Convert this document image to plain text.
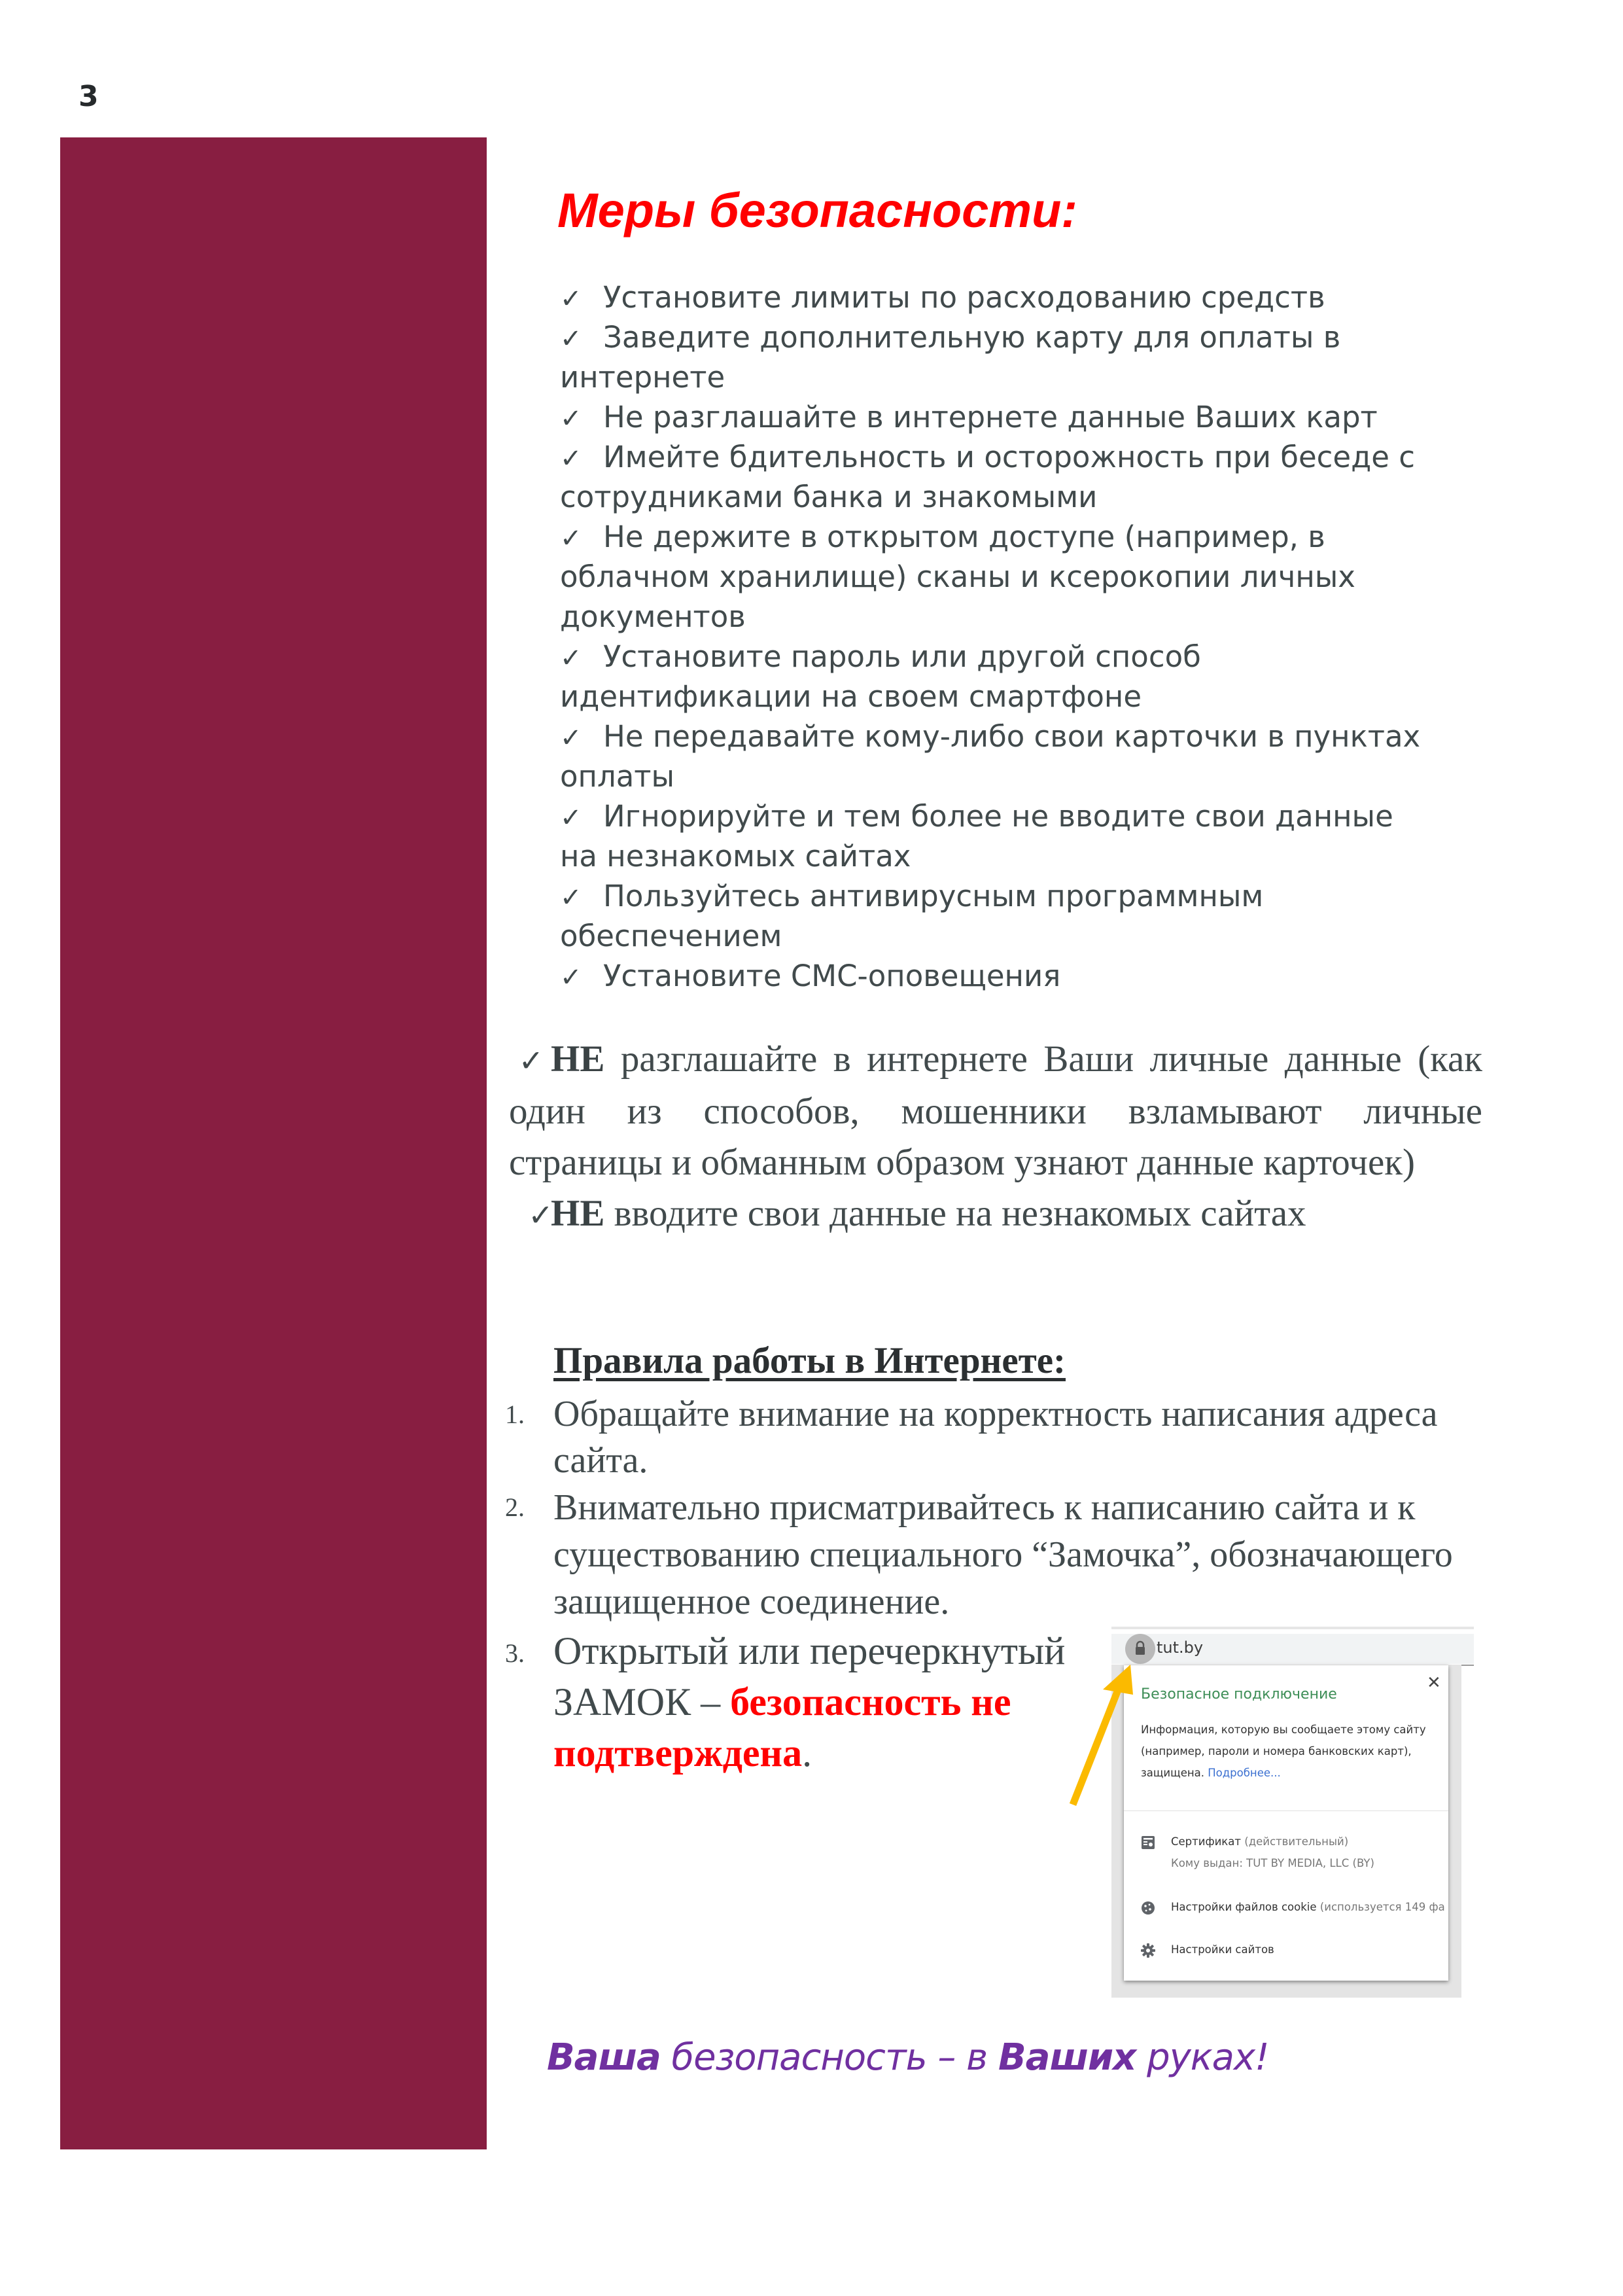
3
Меры безопасности:
✓ Установите лимиты по расходованию средств
✓ Заведите дополнительную карту для оплаты в
интернете
✓ Не разглашайте в интернете данные Ваших карт
✓ Имейте бдительность и осторожность при беседе с
сотрудниками банка и знакомыми
✓ Не держите в открытом доступе (например, в
облачном хранилище) сканы и ксерокопии личных
документов
✓ Установите пароль или другой способ
идентификации на своем смартфоне
✓ Не передавайте кому-либо свои карточки в пунктах
оплаты
✓ Игнорируйте и тем более не вводите свои данные
на незнакомых сайтах
✓ Пользуйтесь антивирусным программным
обеспечением
✓ Установите СМС-оповещения
✓ НЕ разглашайте в интернете Ваши личные данные (как один из способов, мошенники взламывают личные страницы и обманным образом узнают данные карточек)
✓НЕ вводите свои данные на незнакомых сайтах
Правила работы в Интернете:
1. Обращайте внимание на корректность написания адреса
сайта.
2. Внимательно присматривайтесь к написанию сайта и к
существованию специального “Замочка”, обозначающего
защищенное соединение.
3. Открытый или перечеркнутый
ЗАМОК – безопасность не
подтверждена.
tut.by
✕
Безопасное подключение
Информация, которую вы сообщаете этому сайту
(например, пароли и номера банковских карт),
защищена. Подробнее...
Сертификат (действительный)
Кому выдан: TUT BY MEDIA, LLC (BY)
Настройки файлов cookie (используется 149 фа
Настройки сайтов
Ваша безопасность – в Ваших руках!
